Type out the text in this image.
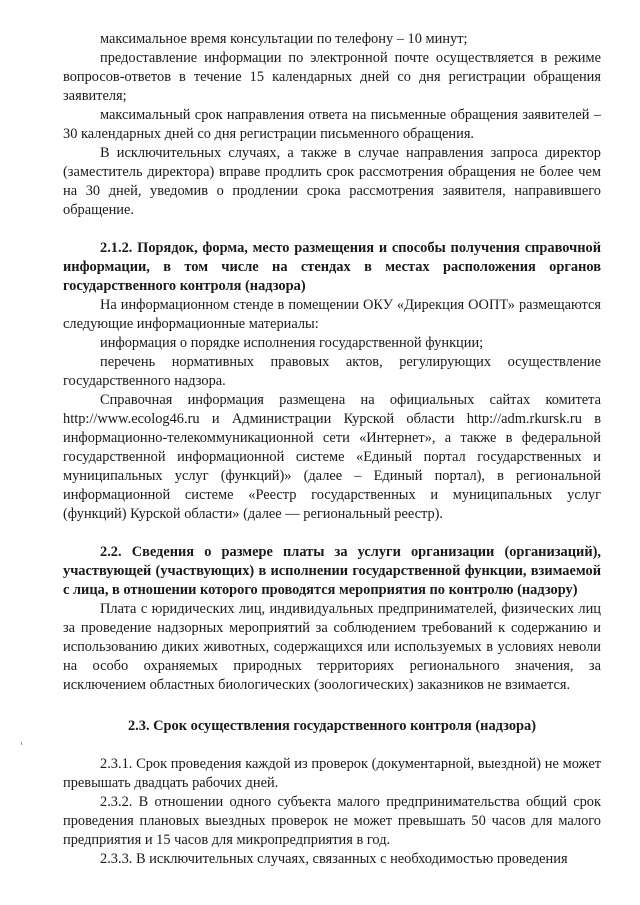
максимальное время консультации по телефону – 10 минут;

предоставление информации по электронной почте осуществляется в режиме вопросов-ответов в течение 15 календарных дней со дня регистрации обращения заявителя;

максимальный срок направления ответа на письменные обращения заявителей – 30 календарных дней со дня регистрации письменного обращения.

В исключительных случаях, а также в случае направления запроса директор (заместитель директора) вправе продлить срок рассмотрения обращения не более чем на 30 дней, уведомив о продлении срока рассмотрения заявителя, направившего обращение.

2.1.2. Порядок, форма, место размещения и способы получения справочной информации, в том числе на стендах в местах расположения органов государственного контроля (надзора)

На информационном стенде в помещении ОКУ «Дирекция ООПТ» размещаются следующие информационные материалы:

информация о порядке исполнения государственной функции;

перечень нормативных правовых актов, регулирующих осуществление государственного надзора.

Справочная информация размещена на официальных сайтах комитета http://www.ecolog46.ru и Администрации Курской области http://adm.rkursk.ru в информационно-телекоммуникационной сети «Интернет», а также в федеральной государственной информационной системе «Единый портал государственных и муниципальных услуг (функций)» (далее – Единый портал), в региональной информационной системе «Реестр государственных и муниципальных услуг (функций) Курской области» (далее — региональный реестр).

2.2. Сведения о размере платы за услуги организации (организаций), участвующей (участвующих) в исполнении государственной функции, взимаемой с лица, в отношении которого проводятся мероприятия по контролю (надзору)

Плата с юридических лиц, индивидуальных предпринимателей, физических лиц за проведение надзорных мероприятий за соблюдением требований к содержанию и использованию диких животных, содержащихся или используемых в условиях неволи на особо охраняемых природных территориях регионального значения, за исключением областных биологических (зоологических) заказников не взимается.

2.3. Срок осуществления государственного контроля (надзора)

2.3.1. Срок проведения каждой из проверок (документарной, выездной) не может превышать двадцать рабочих дней.

2.3.2. В отношении одного субъекта малого предпринимательства общий срок проведения плановых выездных проверок не может превышать 50 часов для малого предприятия и 15 часов для микропредприятия в год.

2.3.3. В исключительных случаях, связанных с необходимостью проведения
